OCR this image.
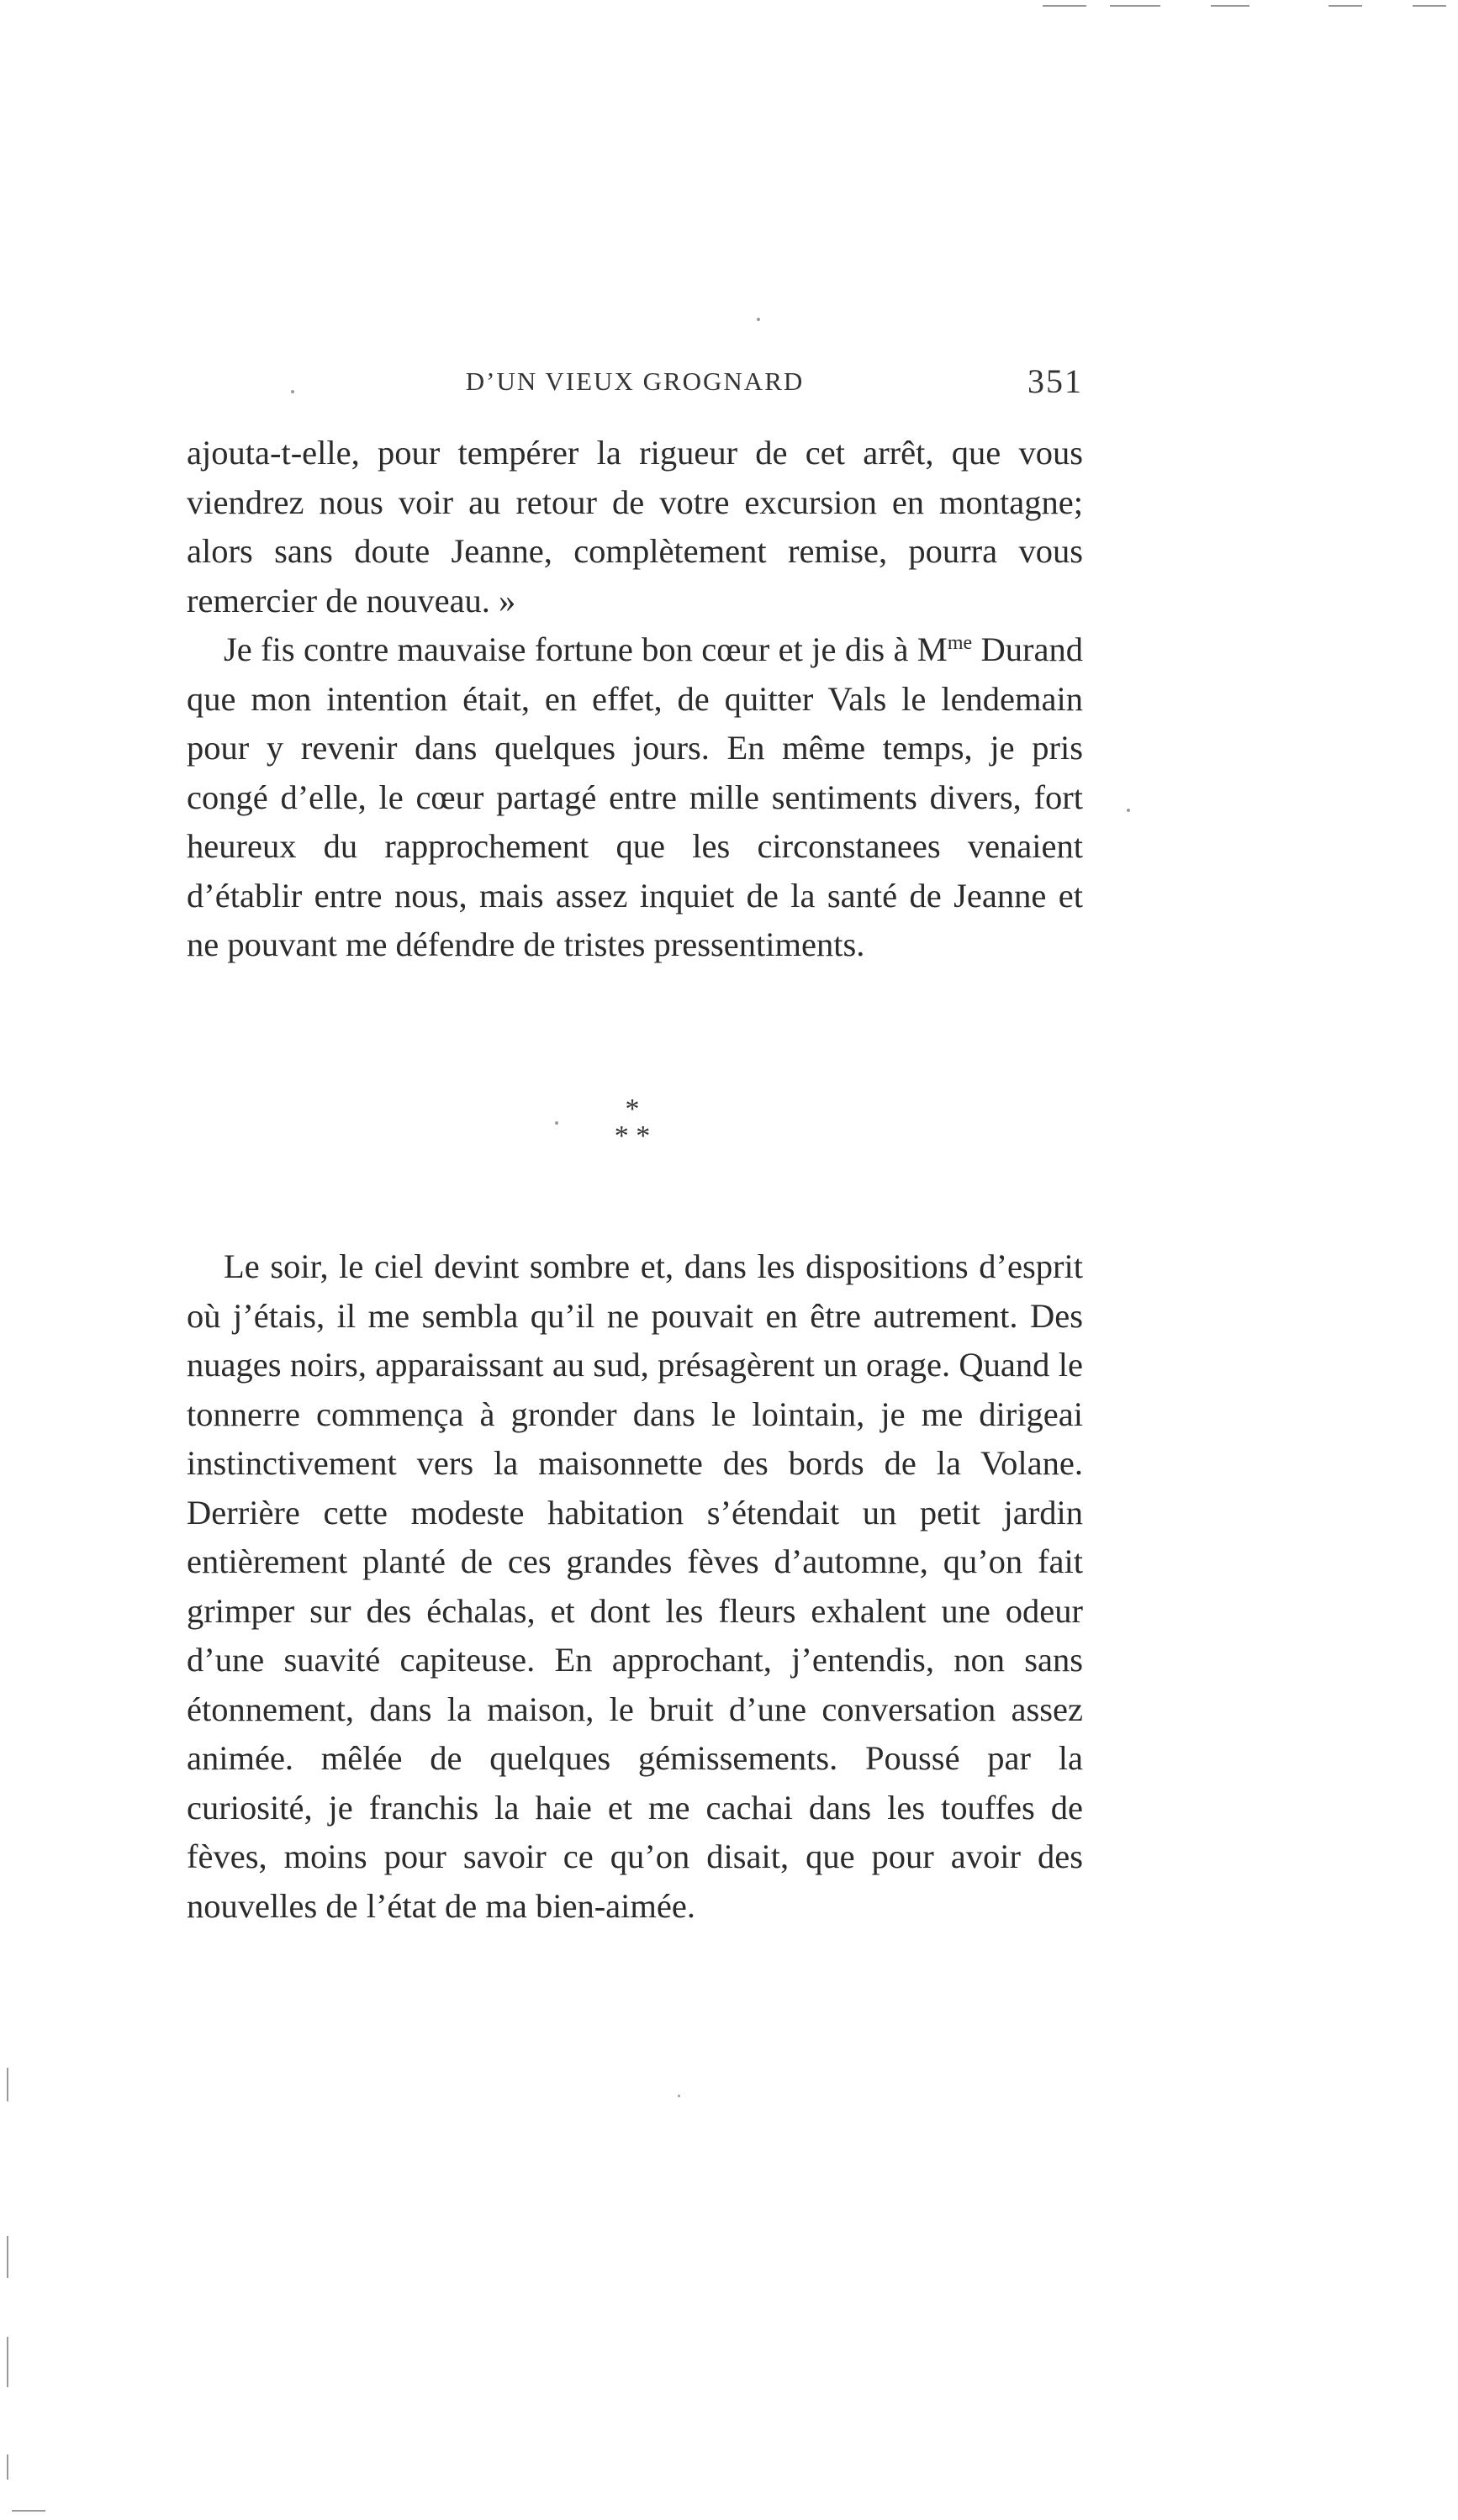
D’UN VIEUX GROGNARD	351

ajouta-t-elle, pour tempérer la rigueur de cet arrêt, que vous viendrez nous voir au retour de votre excursion en montagne; alors sans doute Jeanne, complètement remise, pourra vous remercier de nouveau. »

Je fis contre mauvaise fortune bon cœur et je dis à $M^{me}$ Durand que mon intention était, en effet, de quitter Vals le lendemain pour y revenir dans quelques jours. En même temps, je pris congé d’elle, le cœur partagé entre mille sentiments divers, fort heureux du rapprochement que les circonstanees venaient d’établir entre nous, mais assez inquiet de la santé de Jeanne et ne pouvant me défendre de tristes pressentiments.

*
* *

Le soir, le ciel devint sombre et, dans les dispositions d’esprit où j’étais, il me sembla qu’il ne pouvait en être autrement. Des nuages noirs, apparaissant au sud, présagèrent un orage. Quand le tonnerre commença à gronder dans le lointain, je me dirigeai instinctivement vers la maisonnette des bords de la Volane. Derrière cette modeste habitation s’étendait un petit jardin entièrement planté de ces grandes fèves d’automne, qu’on fait grimper sur des échalas, et dont les fleurs exhalent une odeur d’une suavité capiteuse. En approchant, j’entendis, non sans étonnement, dans la maison, le bruit d’une conversation assez animée. mêlée de quelques gémissements. Poussé par la curiosité, je franchis la haie et me cachai dans les touffes de fèves, moins pour savoir ce qu’on disait, que pour avoir des nouvelles de l’état de ma bien-aimée.
